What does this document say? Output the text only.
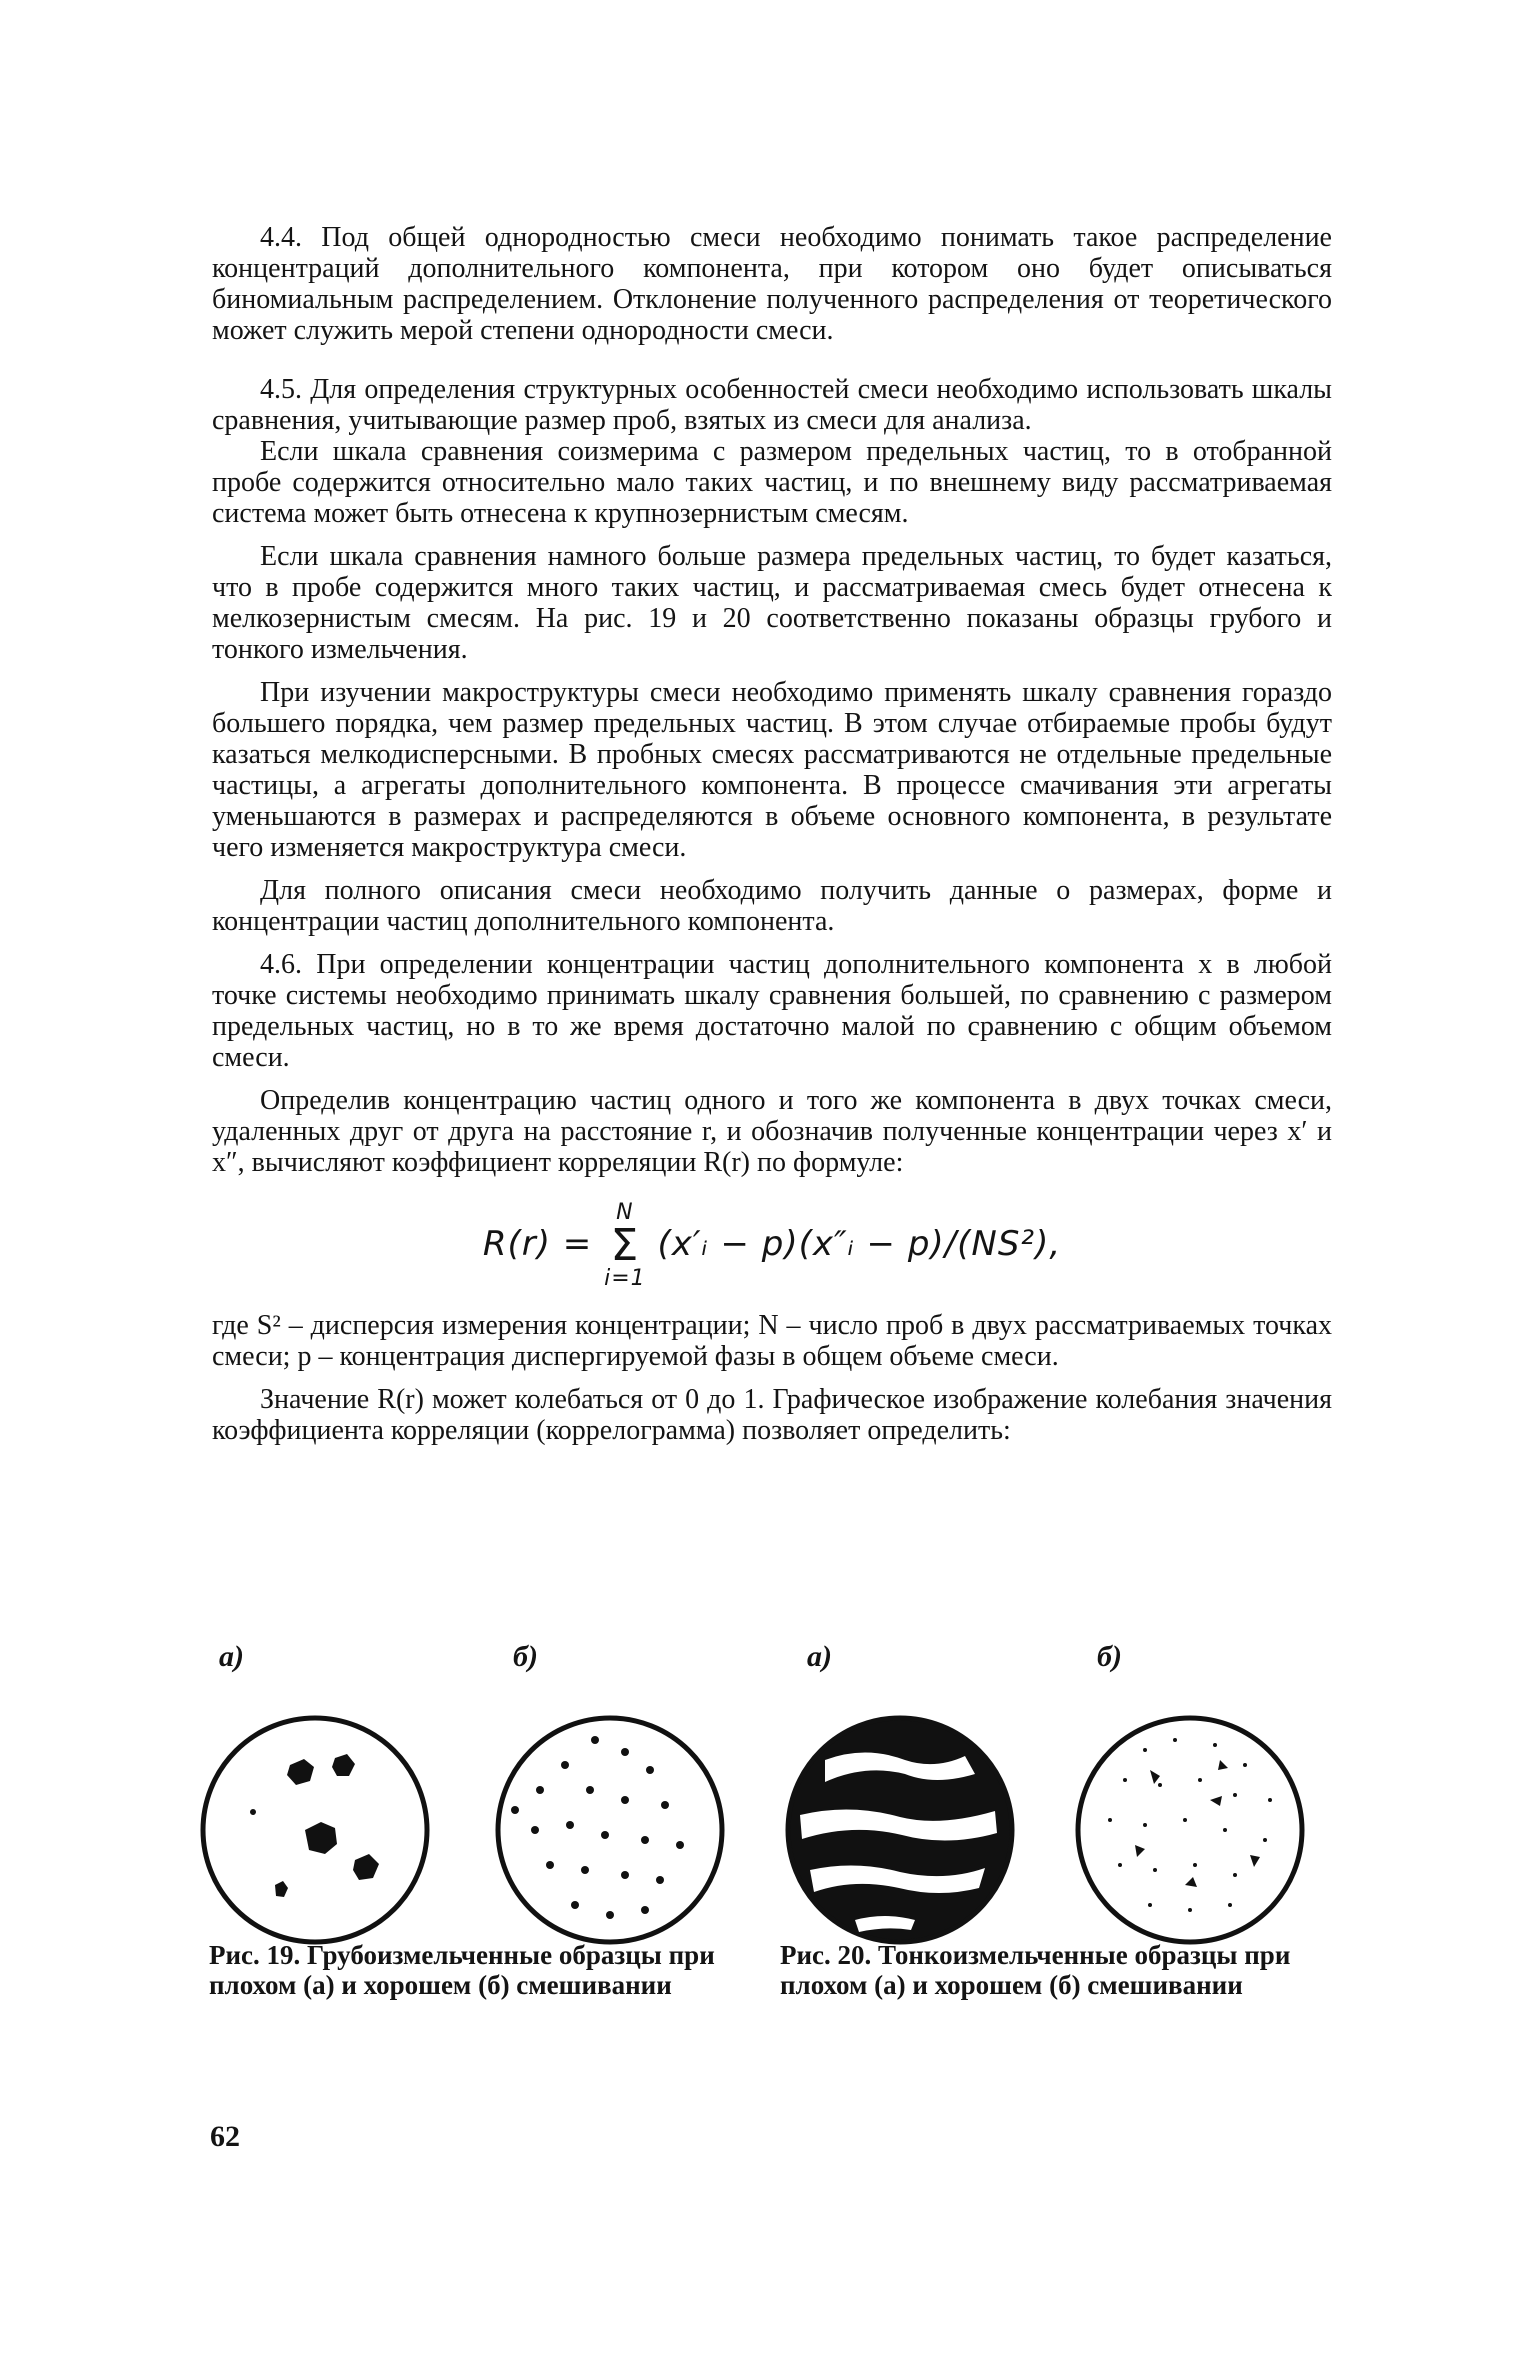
4.4. Под общей однородностью смеси необходимо понимать такое распределение концентраций дополнительного компонента, при котором оно будет описываться биномиальным распределением. Отклонение полученного распределения от теоретического может служить мерой степени однородности смеси.

4.5. Для определения структурных особенностей смеси необходимо использовать шкалы сравнения, учитывающие размер проб, взятых из смеси для анализа.

Если шкала сравнения соизмерима с размером предельных частиц, то в отобранной пробе содержится относительно мало таких частиц, и по внешнему виду рассматриваемая система может быть отнесена к крупнозернистым смесям.

Если шкала сравнения намного больше размера предельных частиц, то будет казаться, что в пробе содержится много таких частиц, и рассматриваемая смесь будет отнесена к мелкозернистым смесям. На рис. 19 и 20 соответственно показаны образцы грубого и тонкого измельчения.

При изучении макроструктуры смеси необходимо применять шкалу сравнения гораздо большего порядка, чем размер предельных частиц. В этом случае отбираемые пробы будут казаться мелкодисперсными. В пробных смесях рассматриваются не отдельные предельные частицы, а агрегаты дополнительного компонента. В процессе смачивания эти агрегаты уменьшаются в размерах и распределяются в объеме основного компонента, в результате чего изменяется макроструктура смеси.

Для полного описания смеси необходимо получить данные о размерах, форме и концентрации частиц дополнительного компонента.

4.6. При определении концентрации частиц дополнительного компонента x в любой точке системы необходимо принимать шкалу сравнения большей, по сравнению с размером предельных частиц, но в то же время достаточно малой по сравнению с общим объемом смеси.

Определив концентрацию частиц одного и того же компонента в двух точках смеси, удаленных друг от друга на расстояние r, и обозначив полученные концентрации через x′ и x″, вычисляют коэффициент корреляции R(r) по формуле:

R(r) =
N
Σ
i=1
(x′ᵢ − p)(x″ᵢ − p)/(NS²),

где S² – дисперсия измерения концентрации; N – число проб в двух рассматриваемых точках смеси; p – концентрация диспергируемой фазы в общем объеме смеси.

Значение R(r) может колебаться от 0 до 1. Графическое изображение колебания значения коэффициента корреляции (коррелограмма) позволяет определить:

а)	б)	а)	б)
Рис. 19. Грубоизмельченные образцы при плохом (а) и хорошем (б) смешивании
Рис. 20. Тонкоизмельченные образцы при плохом (а) и хорошем (б) смешивании
62
